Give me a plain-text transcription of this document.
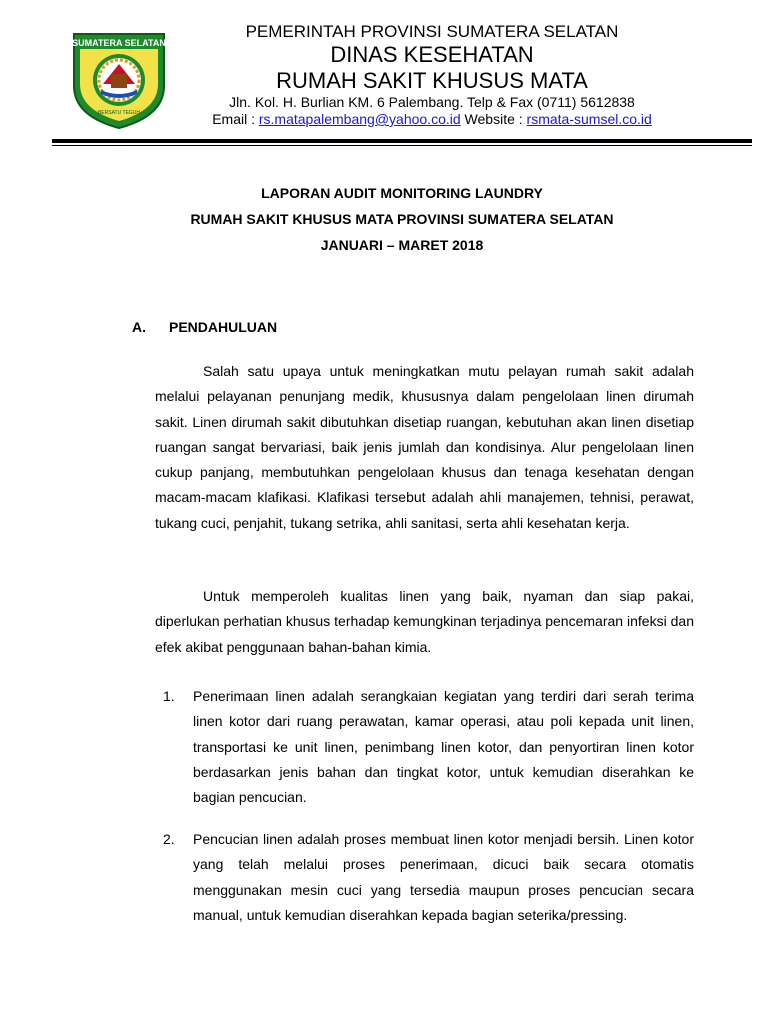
SUMATERA SELATAN
BERSATU TEGUH
PEMERINTAH PROVINSI SUMATERA SELATAN
DINAS KESEHATAN
RUMAH SAKIT KHUSUS MATA
Jln. Kol. H. Burlian KM. 6 Palembang. Telp & Fax (0711) 5612838
Email : rs.matapalembang@yahoo.co.id Website : rsmata-sumsel.co.id
LAPORAN AUDIT MONITORING LAUNDRY
RUMAH SAKIT KHUSUS MATA PROVINSI SUMATERA SELATAN
JANUARI – MARET 2018
A. PENDAHULUAN
Salah satu upaya untuk meningkatkan mutu pelayan rumah sakit adalah melalui pelayanan penunjang medik, khususnya dalam pengelolaan linen dirumah sakit. Linen dirumah sakit dibutuhkan disetiap ruangan, kebutuhan akan linen disetiap ruangan sangat bervariasi, baik jenis jumlah dan kondisinya. Alur pengelolaan linen cukup panjang, membutuhkan pengelolaan khusus dan tenaga kesehatan dengan macam-macam klafikasi. Klafikasi tersebut adalah ahli manajemen, tehnisi, perawat, tukang cuci, penjahit, tukang setrika, ahli sanitasi, serta ahli kesehatan kerja.
Untuk memperoleh kualitas linen yang baik, nyaman dan siap pakai, diperlukan perhatian khusus terhadap kemungkinan terjadinya pencemaran infeksi dan efek akibat penggunaan bahan-bahan kimia.
1. Penerimaan linen adalah serangkaian kegiatan yang terdiri dari serah terima linen kotor dari ruang perawatan, kamar operasi, atau poli kepada unit linen, transportasi ke unit linen, penimbang linen kotor, dan penyortiran linen kotor berdasarkan jenis bahan dan tingkat kotor, untuk kemudian diserahkan ke bagian pencucian.
2. Pencucian linen adalah proses membuat linen kotor menjadi bersih. Linen kotor yang telah melalui proses penerimaan, dicuci baik secara otomatis menggunakan mesin cuci yang tersedia maupun proses pencucian secara manual, untuk kemudian diserahkan kepada bagian seterika/pressing.
